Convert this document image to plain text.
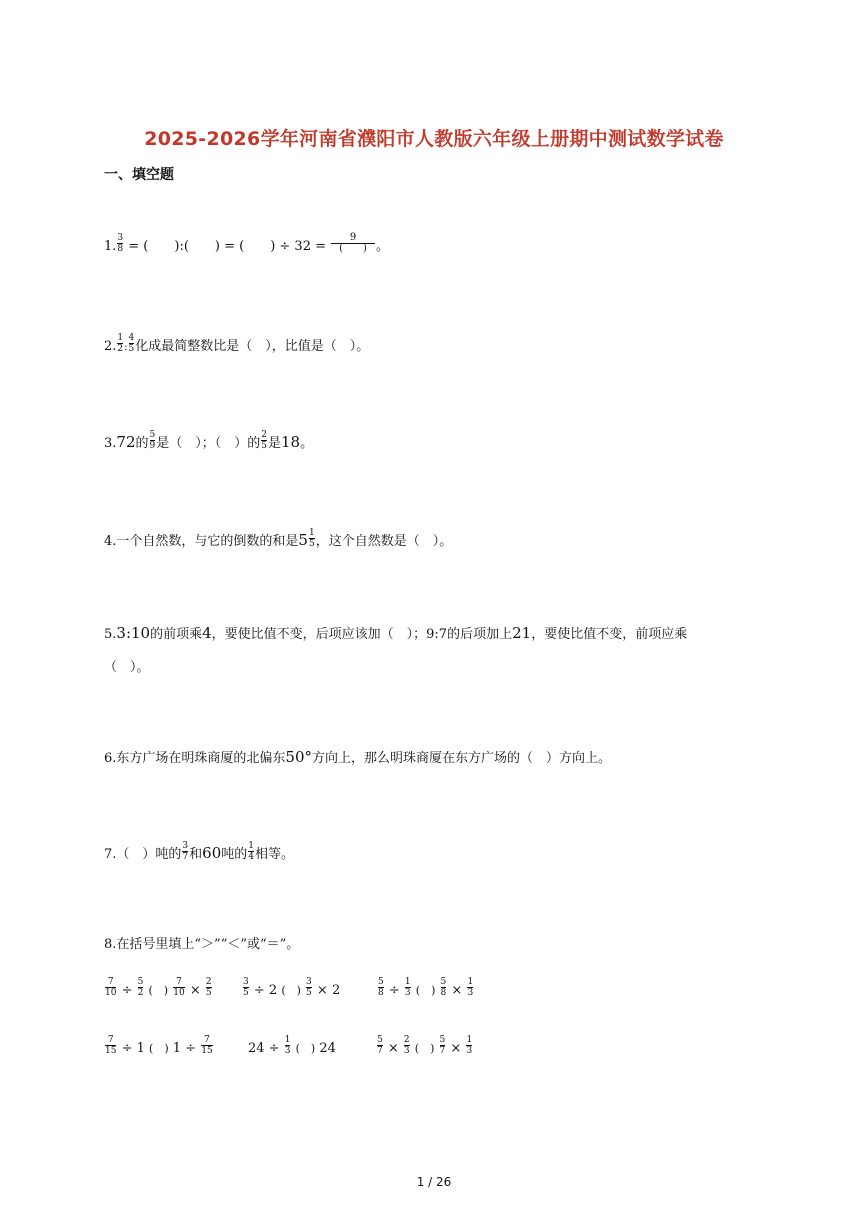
2025-2026学年河南省濮阳市人教版六年级上册期中测试数学试卷
一、填空题
1. $\frac{3}{8}$ = (　　):(　　) = (　　) ÷ $32 = \frac{9}{( )}$ 。
2. $\frac{1}{2}$ : $\frac{4}{5}$ 化成最简整数比是（　），比值是（　）。
3.72的 $\frac{5}{9}$ 是（　）；（　）的 $\frac{2}{5}$ 是18。
4.一个自然数，与它的倒数的和是$5 \frac{1}{5}$ ，这个自然数是（　）。
5.3:10的前项乘4，要使比值不变，后项应该加（　）；9:7的后项加上21，要使比值不变，前项应乘
（　）。
6.东方广场在明珠商厦的北偏东50°方向上，那么明珠商厦在东方广场的（　）方向上。
7.（　）吨的 $\frac{3}{7}$ 和60吨的 $\frac{1}{4}$ 相等。
8.在括号里填上“＞”“＜”或“＝”。
$\frac{7}{10} \div \frac{5}{2}$ (　) $\frac{7}{10} \times \frac{2}{5}$	$\frac{3}{5} \div 2$ (　) $\frac{3}{5} \times 2$	$\frac{5}{8} \div \frac{1}{3}$ (　) $\frac{5}{8} \times \frac{1}{3}$
$\frac{7}{15} \div 1$ (　) $1 \div \frac{7}{15}$	$24 \div \frac{1}{3}$ (　) 24	$\frac{5}{7} \times \frac{2}{3}$ (　) $\frac{5}{7} \times \frac{1}{3}$
1 / 26
